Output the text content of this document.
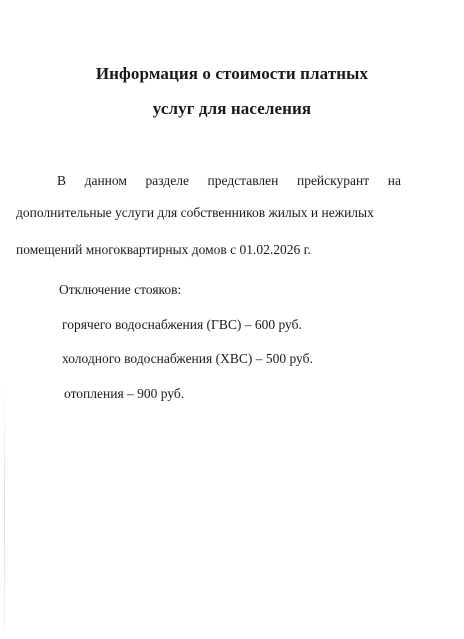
Информация о стоимости платных
услуг для населения
В данном разделе представлен прейскурант на
дополнительные услуги для собственников жилых и нежилых
помещений многоквартирных домов с 01.02.2026 г.
Отключение стояков:
горячего водоснабжения (ГВС) – 600 руб.
холодного водоснабжения (ХВС) – 500 руб.
отопления – 900 руб.
